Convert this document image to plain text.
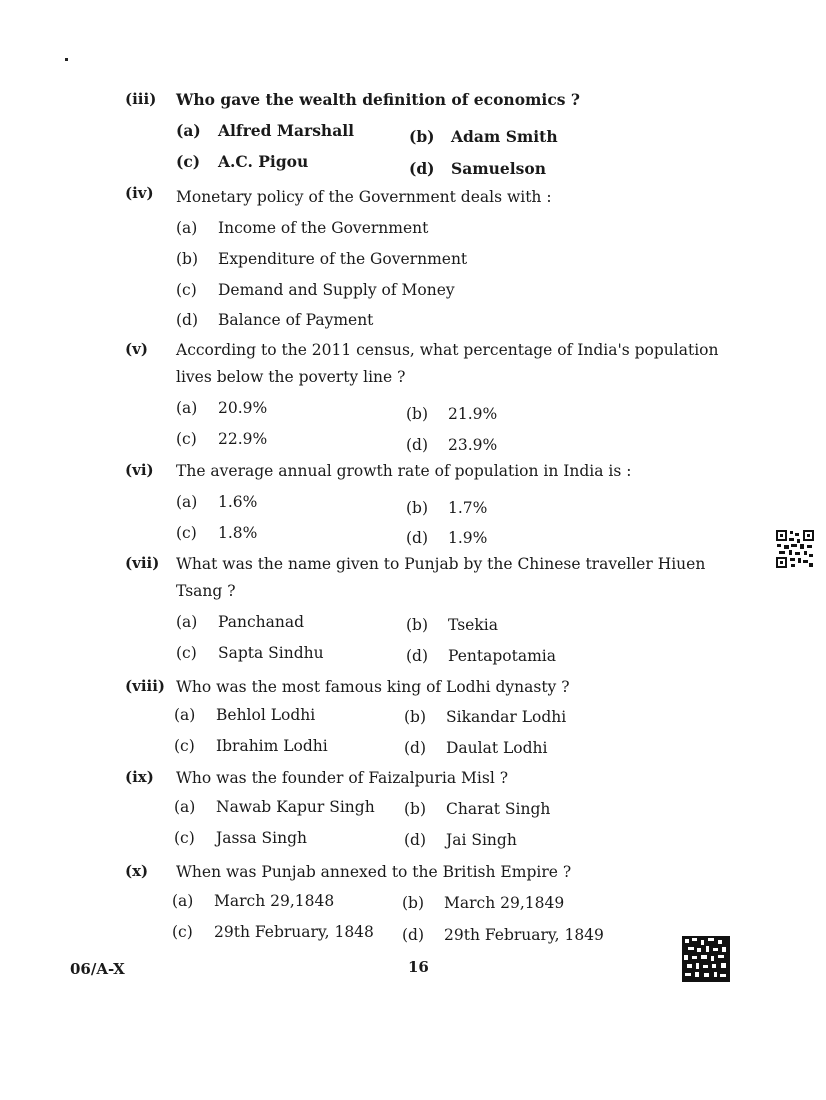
(iii)	Who gave the wealth definition of economics ?
(a) Alfred Marshall	(b) Adam Smith
(c) A.C. Pigou	(d) Samuelson
(iv)	Monetary policy of the Government deals with :
(a) Income of the Government
(b) Expenditure of the Government
(c) Demand and Supply of Money
(d) Balance of Payment
(v)	According to the 2011 census, what percentage of India's population lives below the poverty line ?
(a) 20.9%	(b) 21.9%
(c) 22.9%	(d) 23.9%
(vi)	The average annual growth rate of population in India is :
(a) 1.6%	(b) 1.7%
(c) 1.8%	(d) 1.9%
(vii)	What was the name given to Punjab by the Chinese traveller Hiuen Tsang ?
(a) Panchanad	(b) Tsekia
(c) Sapta Sindhu	(d) Pentapotamia
(viii) Who was the most famous king of Lodhi dynasty ?
(a) Behlol Lodhi	(b) Sikandar Lodhi
(c) Ibrahim Lodhi	(d) Daulat Lodhi
(ix)	Who was the founder of Faizalpuria Misl ?
(a) Nawab Kapur Singh (b) Charat Singh
(c) Jassa Singh	(d) Jai Singh
(x)	When was Punjab annexed to the British Empire ?
(a) March 29,1848	(b) March 29,1849
(c) 29th February, 1848 (d) 29th February, 1849
06/A-X	16
